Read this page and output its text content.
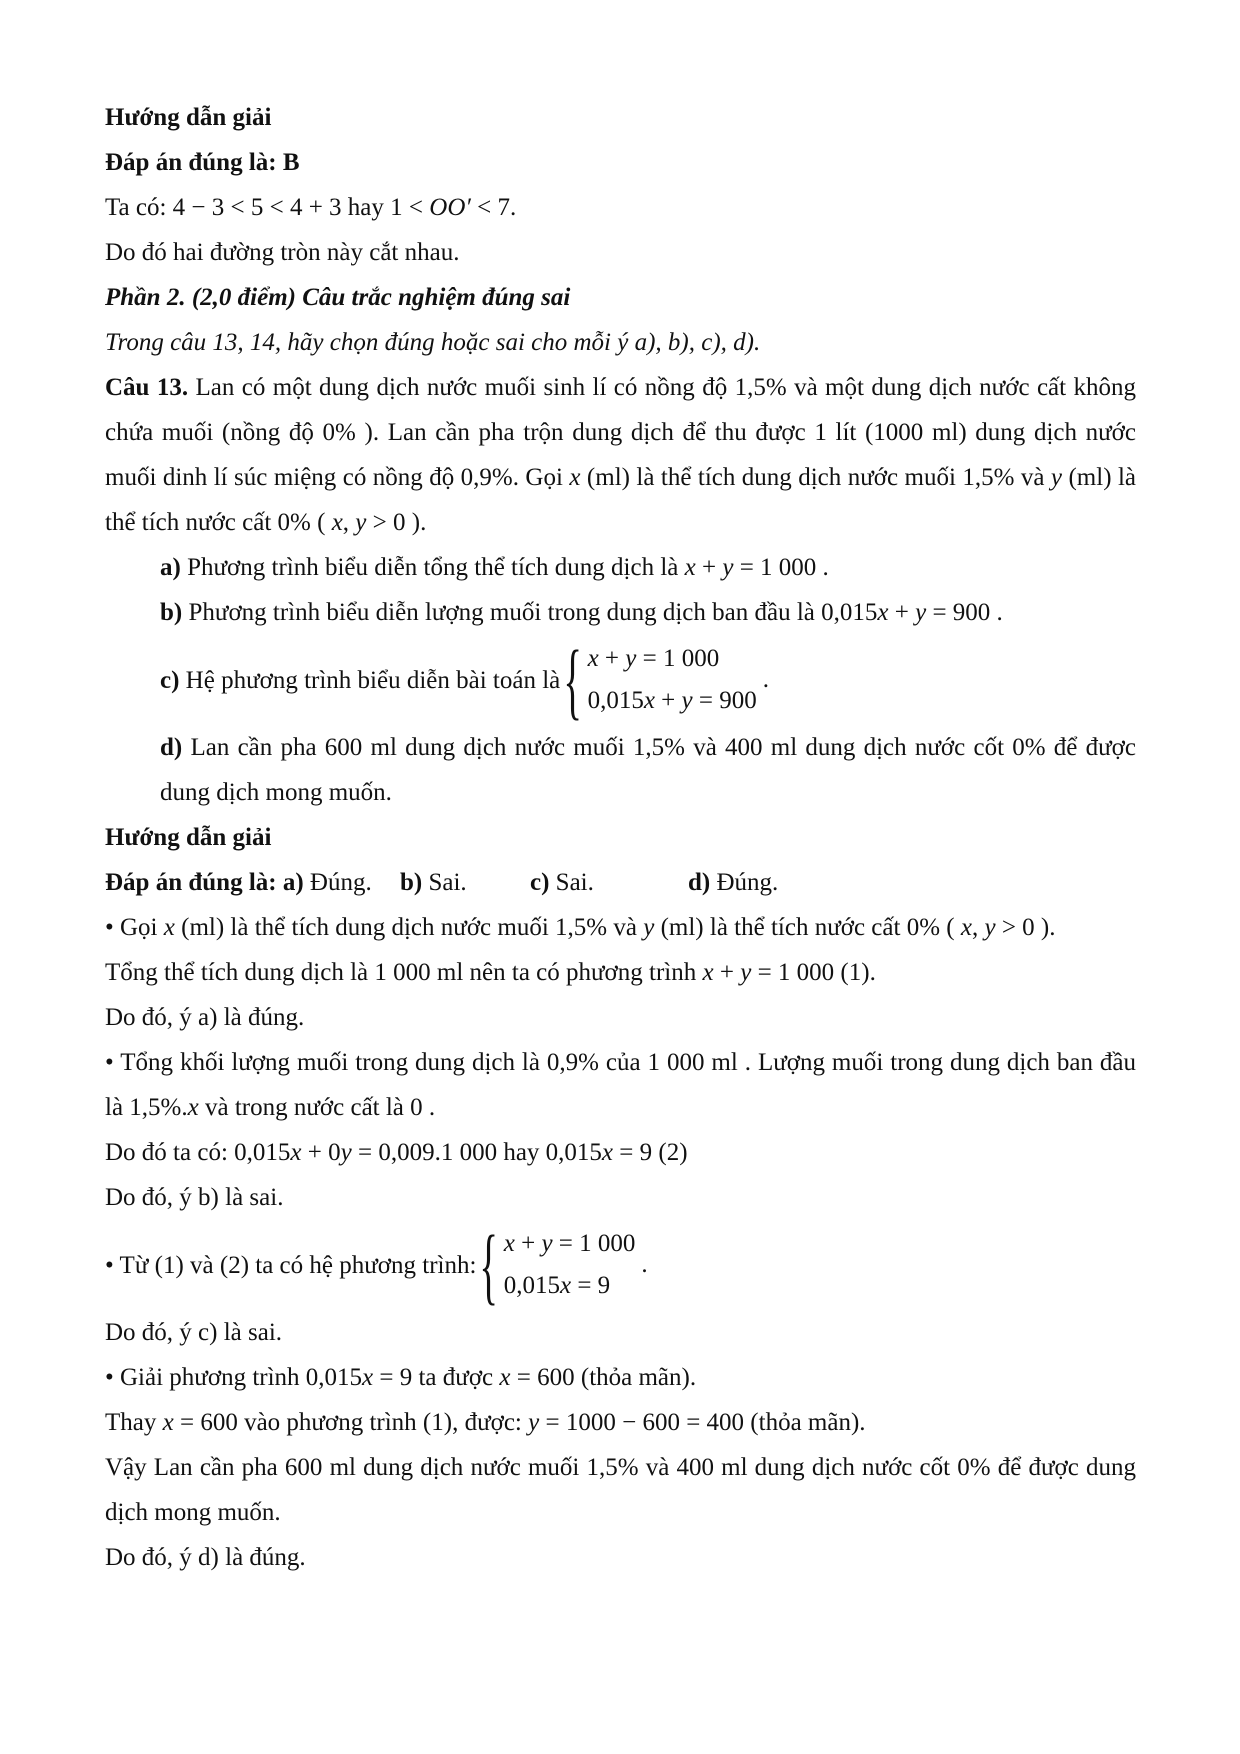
Hướng dẫn giải

Đáp án đúng là: B

Ta có: 4 − 3 < 5 < 4 + 3 hay 1 < OO′ < 7.

Do đó hai đường tròn này cắt nhau.

Phần 2. (2,0 điểm) Câu trắc nghiệm đúng sai

Trong câu 13, 14, hãy chọn đúng hoặc sai cho mỗi ý a), b), c), d).

Câu 13. Lan có một dung dịch nước muối sinh lí có nồng độ 1,5% và một dung dịch nước cất không chứa muối (nồng độ 0% ). Lan cần pha trộn dung dịch để thu được 1 lít (1000 ml) dung dịch nước muối dinh lí súc miệng có nồng độ 0,9%. Gọi x (ml) là thể tích dung dịch nước muối 1,5% và y (ml) là thể tích nước cất 0% ( x, y > 0 ).

a) Phương trình biểu diễn tổng thể tích dung dịch là x + y = 1 000 .

b) Phương trình biểu diễn lượng muối trong dung dịch ban đầu là 0,015x + y = 900 .

c) Hệ phương trình biểu diễn bài toán là { x + y = 1 000
0,015x + y = 900
.

d) Lan cần pha 600 ml dung dịch nước muối 1,5% và 400 ml dung dịch nước cốt 0% để được dung dịch mong muốn.

Hướng dẫn giải

Đáp án đúng là: a) Đúng.	b) Sai.	c) Sai.	d) Đúng.

• Gọi x (ml) là thể tích dung dịch nước muối 1,5% và y (ml) là thể tích nước cất 0% ( x, y > 0 ).

Tổng thể tích dung dịch là 1 000 ml nên ta có phương trình x + y = 1 000 (1).

Do đó, ý a) là đúng.

• Tổng khối lượng muối trong dung dịch là 0,9% của 1 000 ml . Lượng muối trong dung dịch ban đầu là 1,5%.x và trong nước cất là 0 .

Do đó ta có: 0,015x + 0y = 0,009.1 000 hay 0,015x = 9 (2)

Do đó, ý b) là sai.

• Từ (1) và (2) ta có hệ phương trình: { x + y = 1 000
0,015x = 9
.

Do đó, ý c) là sai.

• Giải phương trình 0,015x = 9 ta được x = 600 (thỏa mãn).

Thay x = 600 vào phương trình (1), được: y = 1000 − 600 = 400 (thỏa mãn).

Vậy Lan cần pha 600 ml dung dịch nước muối 1,5% và 400 ml dung dịch nước cốt 0% để được dung dịch mong muốn.

Do đó, ý d) là đúng.
